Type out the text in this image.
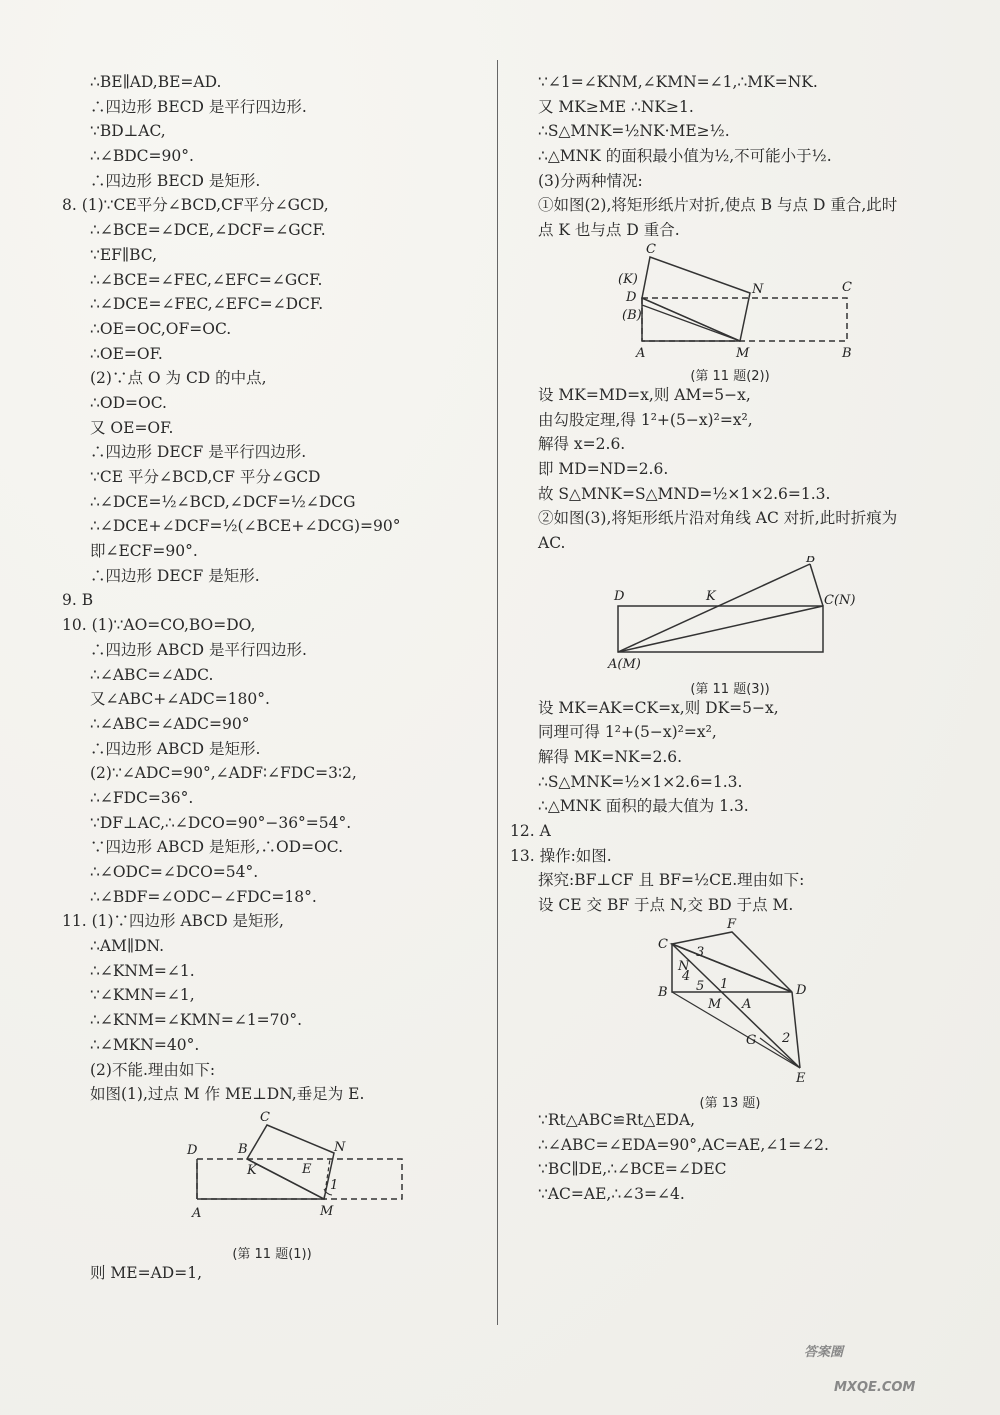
∴BE∥AD,BE=AD.
∴四边形 BECD 是平行四边形.
∵BD⊥AC,
∴∠BDC=90°.
∴四边形 BECD 是矩形.
8. (1)∵CE平分∠BCD,CF平分∠GCD,
∴∠BCE=∠DCE,∠DCF=∠GCF.
∵EF∥BC,
∴∠BCE=∠FEC,∠EFC=∠GCF.
∴∠DCE=∠FEC,∠EFC=∠DCF.
∴OE=OC,OF=OC.
∴OE=OF.
(2)∵点 O 为 CD 的中点,
∴OD=OC.
又 OE=OF.
∴四边形 DECF 是平行四边形.
∵CE 平分∠BCD,CF 平分∠GCD
∴∠DCE=½∠BCD,∠DCF=½∠DCG
∴∠DCE+∠DCF=½(∠BCE+∠DCG)=90°
即∠ECF=90°.
∴四边形 DECF 是矩形.
9. B
10. (1)∵AO=CO,BO=DO,
∴四边形 ABCD 是平行四边形.
∴∠ABC=∠ADC.
又∠ABC+∠ADC=180°.
∴∠ABC=∠ADC=90°
∴四边形 ABCD 是矩形.
(2)∵∠ADC=90°,∠ADF∶∠FDC=3∶2,
∴∠FDC=36°.
∵DF⊥AC,∴∠DCO=90°−36°=54°.
∵四边形 ABCD 是矩形,∴OD=OC.
∴∠ODC=∠DCO=54°.
∴∠BDF=∠ODC−∠FDC=18°.
11. (1)∵四边形 ABCD 是矩形,
∴AM∥DN.
∴∠KNM=∠1.
∵∠KMN=∠1,
∴∠KNM=∠KMN=∠1=70°.
∴∠MKN=40°.
(2)不能.理由如下:
如图(1),过点 M 作 ME⊥DN,垂足为 E.
D	B
C
N
K	E
A	M
1
(第 11 题(1))
则 ME=AD=1,
∵∠1=∠KNM,∠KMN=∠1,∴MK=NK.
又 MK≥ME ∴NK≥1.
∴S△MNK=½NK·ME≥½.
∴△MNK 的面积最小值为½,不可能小于½.
(3)分两种情况:
①如图(2),将矩形纸片对折,使点 B 与点 D 重合,此时
点 K 也与点 D 重合.
C
(K)
D
(B)
N	C
A	M	B
(第 11 题(2))
设 MK=MD=x,则 AM=5−x,
由勾股定理,得 1²+(5−x)²=x²,
解得 x=2.6.
即 MD=ND=2.6.
故 S△MNK=S△MND=½×1×2.6=1.3.
②如图(3),将矩形纸片沿对角线 AC 对折,此时折痕为
AC.
B
D	K	C(N)
A(M)
(第 11 题(3))
设 MK=AK=CK=x,则 DK=5−x,
同理可得 1²+(5−x)²=x²,
解得 MK=NK=2.6.
∴S△MNK=½×1×2.6=1.3.
∴△MNK 面积的最大值为 1.3.
12. A
13. 操作:如图.
探究:BF⊥CF 且 BF=½CE.理由如下:
设 CE 交 BF 于点 N,交 BD 于点 M.
F
C
3
N
4
B 5 1
M A
D
G 2
E
(第 13 题)
∵Rt△ABC≌Rt△EDA,
∴∠ABC=∠EDA=90°,AC=AE,∠1=∠2.
∵BC∥DE,∴∠BCE=∠DEC
∵AC=AE,∴∠3=∠4.
答案圈
MXQE.COM
